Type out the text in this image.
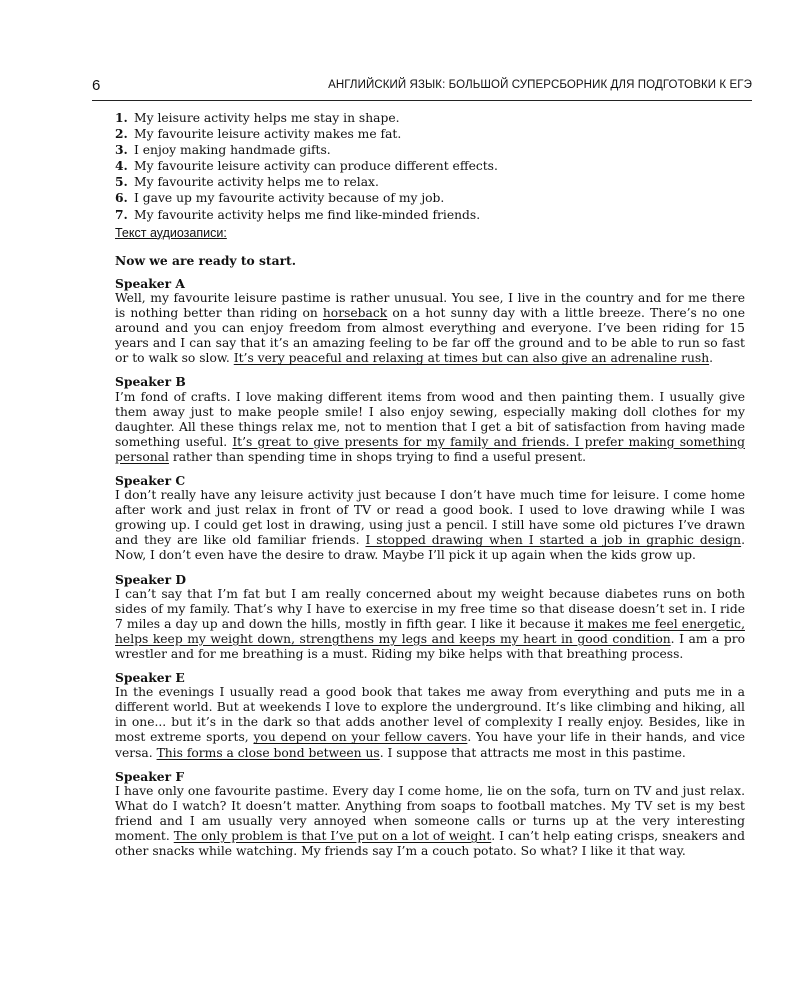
6	АНГЛИЙСКИЙ ЯЗЫК: БОЛЬШОЙ СУПЕРСБОРНИК ДЛЯ ПОДГОТОВКИ К ЕГЭ
1. My leisure activity helps me stay in shape.
2. My favourite leisure activity makes me fat.
3. I enjoy making handmade gifts.
4. My favourite leisure activity can produce different effects.
5. My favourite activity helps me to relax.
6. I gave up my favourite activity because of my job.
7. My favourite activity helps me find like-minded friends.
Текст аудиозаписи:
Now we are ready to start.
Speaker A
Well, my favourite leisure pastime is rather unusual. You see, I live in the country and for me there is nothing better than riding on horseback on a hot sunny day with a little breeze. There’s no one around and you can enjoy freedom from almost everything and everyone. I’ve been riding for 15 years and I can say that it’s an amazing feeling to be far off the ground and to be able to run so fast or to walk so slow. It’s very peaceful and relaxing at times but can also give an adrenaline rush.
Speaker B
I’m fond of crafts. I love making different items from wood and then painting them. I usually give them away just to make people smile! I also enjoy sewing, especially making doll clothes for my daughter. All these things relax me, not to mention that I get a bit of satisfaction from having made something useful. It’s great to give presents for my family and friends. I prefer making something personal rather than spending time in shops trying to find a useful present.
Speaker C
I don’t really have any leisure activity just because I don’t have much time for leisure. I come home after work and just relax in front of TV or read a good book. I used to love drawing while I was growing up. I could get lost in drawing, using just a pencil. I still have some old pictures I’ve drawn and they are like old familiar friends. I stopped drawing when I started a job in graphic design. Now, I don’t even have the desire to draw. Maybe I’ll pick it up again when the kids grow up.
Speaker D
I can’t say that I’m fat but I am really concerned about my weight because diabetes runs on both sides of my family. That’s why I have to exercise in my free time so that disease doesn’t set in. I ride 7 miles a day up and down the hills, mostly in fifth gear. I like it because it makes me feel energetic, helps keep my weight down, strengthens my legs and keeps my heart in good condition. I am a pro wrestler and for me breathing is a must. Riding my bike helps with that breathing process.
Speaker E
In the evenings I usually read a good book that takes me away from everything and puts me in a different world. But at weekends I love to explore the underground. It’s like climbing and hiking, all in one... but it’s in the dark so that adds another level of complexity I really enjoy. Besides, like in most extreme sports, you depend on your fellow cavers. You have your life in their hands, and vice versa. This forms a close bond between us. I suppose that attracts me most in this pastime.
Speaker F
I have only one favourite pastime. Every day I come home, lie on the sofa, turn on TV and just relax. What do I watch? It doesn’t matter. Anything from soaps to football matches. My TV set is my best friend and I am usually very annoyed when someone calls or turns up at the very interesting moment. The only problem is that I’ve put on a lot of weight. I can’t help eating crisps, sneakers and other snacks while watching. My friends say I’m a couch potato. So what? I like it that way.
